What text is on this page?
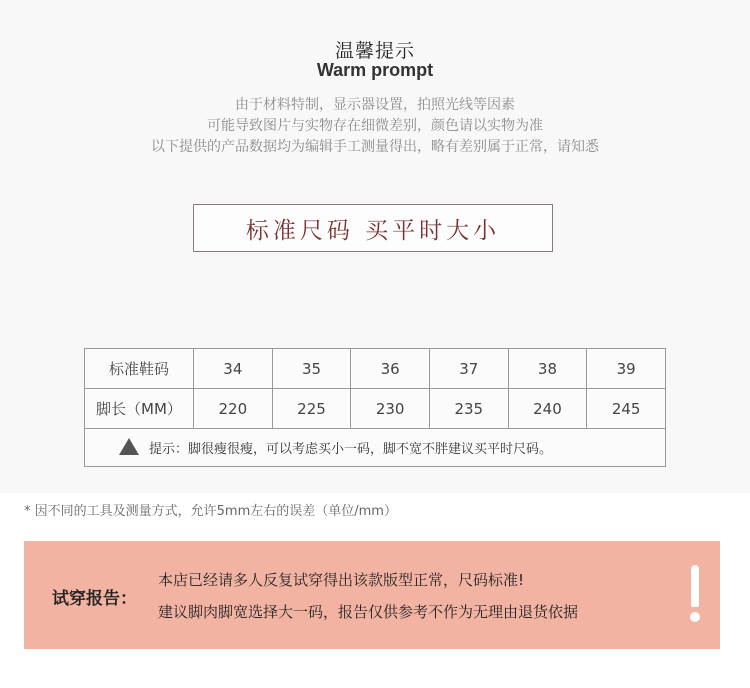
温馨提示
Warm prompt
由于材料特制，显示器设置，拍照光线等因素
可能导致图片与实物存在细微差别，颜色请以实物为准
以下提供的产品数据均为编辑手工测量得出，略有差别属于正常，请知悉
标准尺码 买平时大小
标准鞋码	34	35	36	37	38	39
脚长（MM）	220	225	230	235	240	245
提示：脚很瘦很瘦，可以考虑买小一码，脚不宽不胖建议买平时尺码。						
* 因不同的工具及测量方式，允许5mm左右的误差（单位/mm）
试穿报告：
本店已经请多人反复试穿得出该款版型正常，尺码标准!
建议脚肉脚宽选择大一码，报告仅供参考不作为无理由退货依据
